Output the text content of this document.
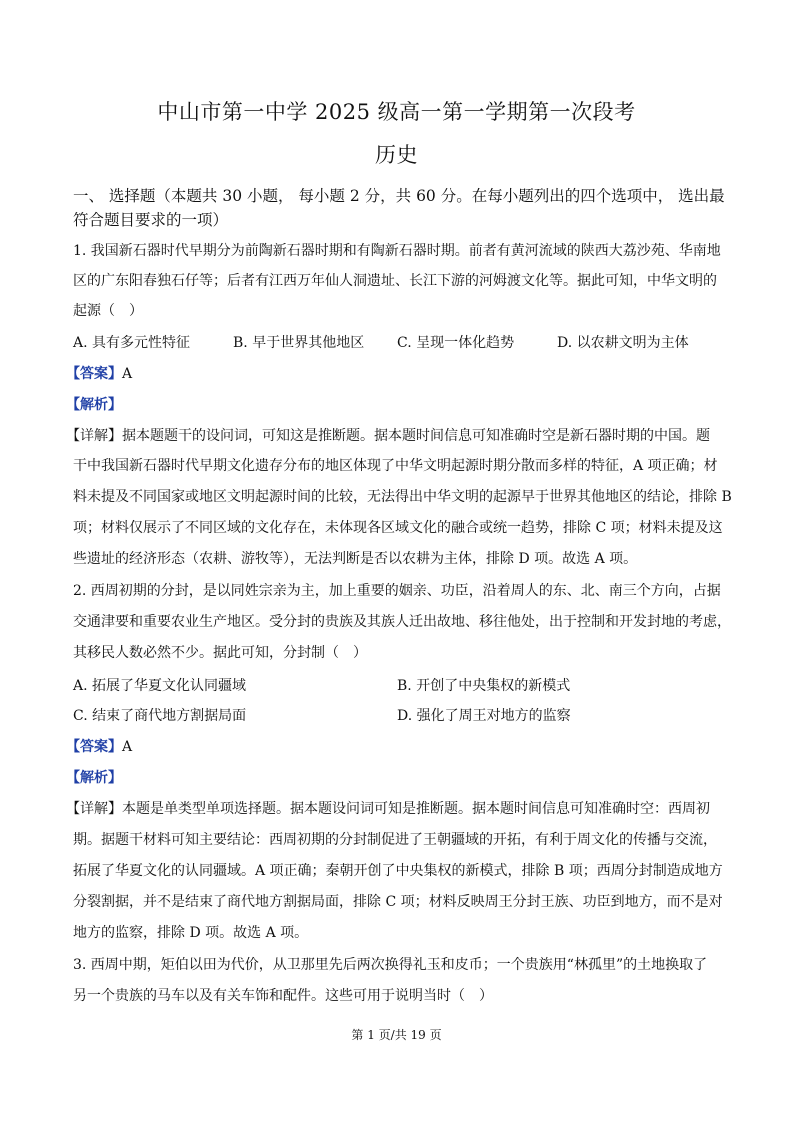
中山市第一中学 2025 级高一第一学期第一次段考
历史
一、 选择题（本题共 30 小题， 每小题 2 分，共 60 分。在每小题列出的四个选项中， 选出最
符合题目要求的一项）
1. 我国新石器时代早期分为前陶新石器时期和有陶新石器时期。前者有黄河流域的陕西大荔沙苑、华南地
区的广东阳春独石仔等；后者有江西万年仙人洞遗址、长江下游的河姆渡文化等。据此可知，中华文明的
起源（　）
A. 具有多元性特征	B. 早于世界其他地区 C. 呈现一体化趋势	D. 以农耕文明为主体
【答案】A
【解析】
【详解】据本题题干的设问词，可知这是推断题。据本题时间信息可知准确时空是新石器时期的中国。题
干中我国新石器时代早期文化遗存分布的地区体现了中华文明起源时期分散而多样的特征，A 项正确；材
料未提及不同国家或地区文明起源时间的比较，无法得出中华文明的起源早于世界其他地区的结论，排除 B
项；材料仅展示了不同区域的文化存在，未体现各区域文化的融合或统一趋势，排除 C 项；材料未提及这
些遗址的经济形态（农耕、游牧等），无法判断是否以农耕为主体，排除 D 项。故选 A 项。
2. 西周初期的分封，是以同姓宗亲为主，加上重要的姻亲、功臣，沿着周人的东、北、南三个方向，占据
交通津要和重要农业生产地区。受分封的贵族及其族人迁出故地、移往他处，出于控制和开发封地的考虑，
其移民人数必然不少。据此可知，分封制（　）
A. 拓展了华夏文化认同疆域	B. 开创了中央集权的新模式
C. 结束了商代地方割据局面	D. 强化了周王对地方的监察
【答案】A
【解析】
【详解】本题是单类型单项选择题。据本题设问词可知是推断题。据本题时间信息可知准确时空：西周初
期。据题干材料可知主要结论：西周初期的分封制促进了王朝疆域的开拓，有利于周文化的传播与交流，
拓展了华夏文化的认同疆域。A 项正确；秦朝开创了中央集权的新模式，排除 B 项；西周分封制造成地方
分裂割据，并不是结束了商代地方割据局面，排除 C 项；材料反映周王分封王族、功臣到地方，而不是对
地方的监察，排除 D 项。故选 A 项。
3. 西周中期，矩伯以田为代价，从卫那里先后两次换得礼玉和皮币；一个贵族用“林孤里”的土地换取了
另一个贵族的马车以及有关车饰和配件。这些可用于说明当时（　）
第 1 页/共 19 页
